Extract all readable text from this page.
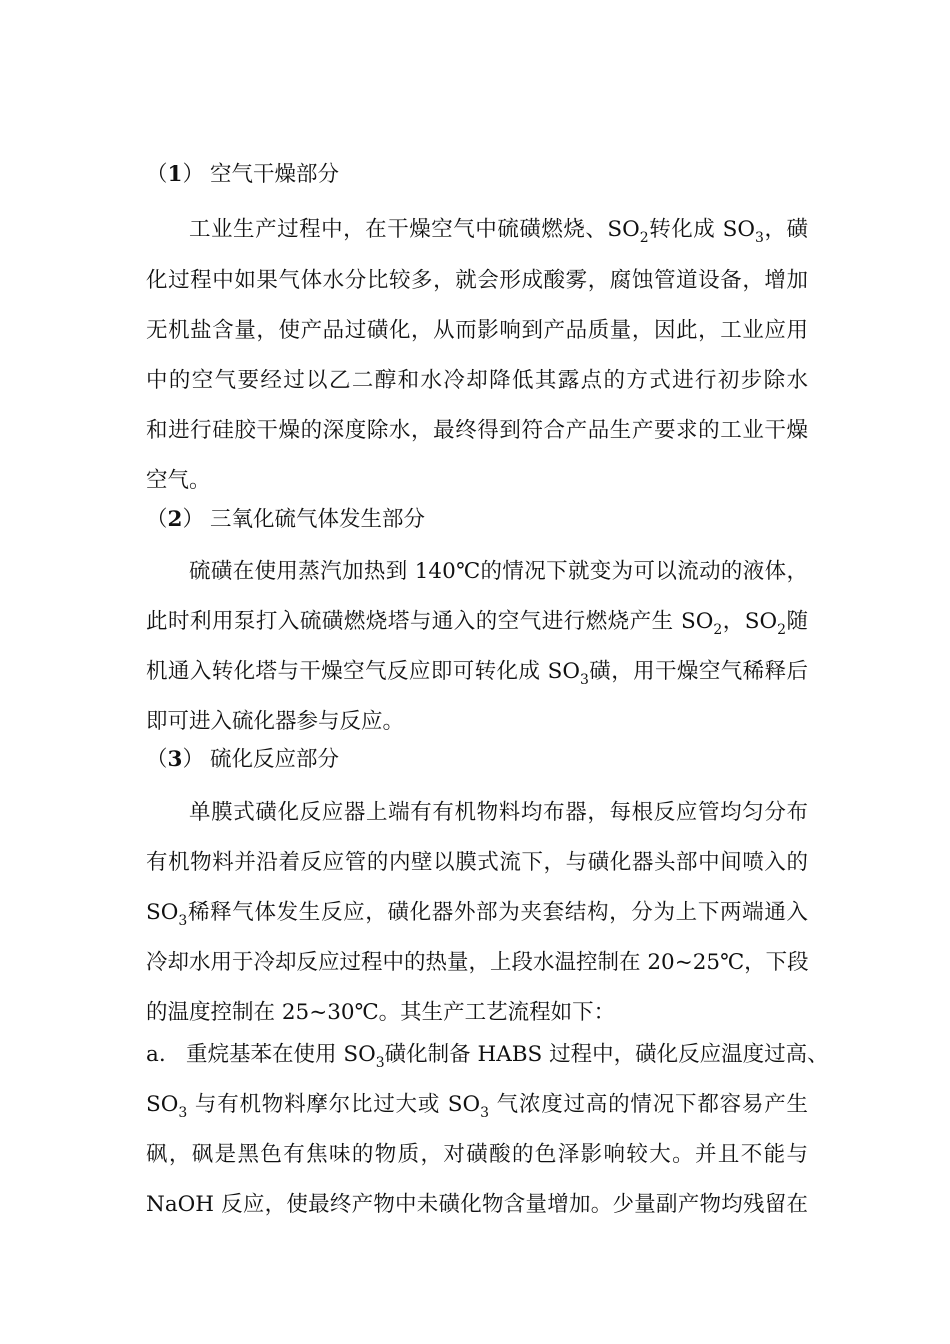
（1） 空气干燥部分
工业生产过程中，在干燥空气中硫磺燃烧、$SO_2$转化成 $SO_3$，磺
化过程中如果气体水分比较多，就会形成酸雾，腐蚀管道设备，增加
无机盐含量，使产品过磺化，从而影响到产品质量，因此，工业应用
中的空气要经过以乙二醇和水冷却降低其露点的方式进行初步除水
和进行硅胶干燥的深度除水，最终得到符合产品生产要求的工业干燥
空气。
（2） 三氧化硫气体发生部分
硫磺在使用蒸汽加热到 140℃的情况下就变为可以流动的液体，
此时利用泵打入硫磺燃烧塔与通入的空气进行燃烧产生 $SO_2$，$SO_2$随
机通入转化塔与干燥空气反应即可转化成 $SO_3$磺，用干燥空气稀释后
即可进入硫化器参与反应。
（3） 硫化反应部分
单膜式磺化反应器上端有有机物料均布器，每根反应管均匀分布
有机物料并沿着反应管的内壁以膜式流下，与磺化器头部中间喷入的
$SO_3$稀释气体发生反应，磺化器外部为夹套结构，分为上下两端通入
冷却水用于冷却反应过程中的热量，上段水温控制在 20~25℃，下段
的温度控制在 25~30℃。其生产工艺流程如下：
a. 重烷基苯在使用 $SO_3$磺化制备 HABS 过程中，磺化反应温度过高、
$SO_3$ 与有机物料摩尔比过大或 $SO_3$ 气浓度过高的情况下都容易产生
砜，砜是黑色有焦味的物质，对磺酸的色泽影响较大。并且不能与
NaOH 反应，使最终产物中未磺化物含量增加。少量副产物均残留在
